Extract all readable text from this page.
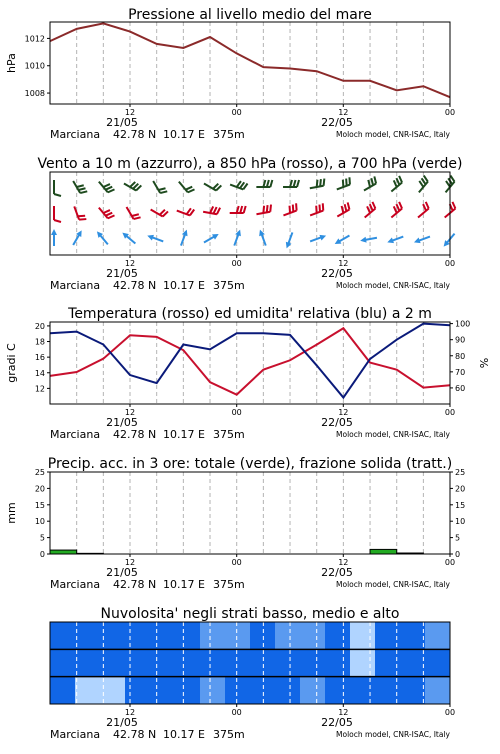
Pressione al livello medio del mare
1008
1010
1012
hPa
12	00	12	00
21/05	22/05
Marciana 42.78 N 10.17 E 375m	Moloch model, CNR-ISAC, Italy
Vento a 10 m (azzurro), a 850 hPa (rosso), a 700 hPa (verde)
12	00	12	00
21/05	22/05
Marciana 42.78 N 10.17 E 375m	Moloch model, CNR-ISAC, Italy
Temperatura (rosso) ed umidita' relativa (blu) a 2 m
12
14
16
18
20
60
70
80
90
100
gradi C	%
12	00	12	00
21/05	22/05
Marciana 42.78 N 10.17 E 375m	Moloch model, CNR-ISAC, Italy
Precip. acc. in 3 ore: totale (verde), frazione solida (tratt.)
0	0
5	5
10	10
15	15
20	20
25	25
mm
12	00	12	00
21/05	22/05
Marciana 42.78 N 10.17 E 375m	Moloch model, CNR-ISAC, Italy
Nuvolosita' negli strati basso, medio e alto
12	00	12	00
21/05	22/05
Marciana 42.78 N 10.17 E 375m	Moloch model, CNR-ISAC, Italy
